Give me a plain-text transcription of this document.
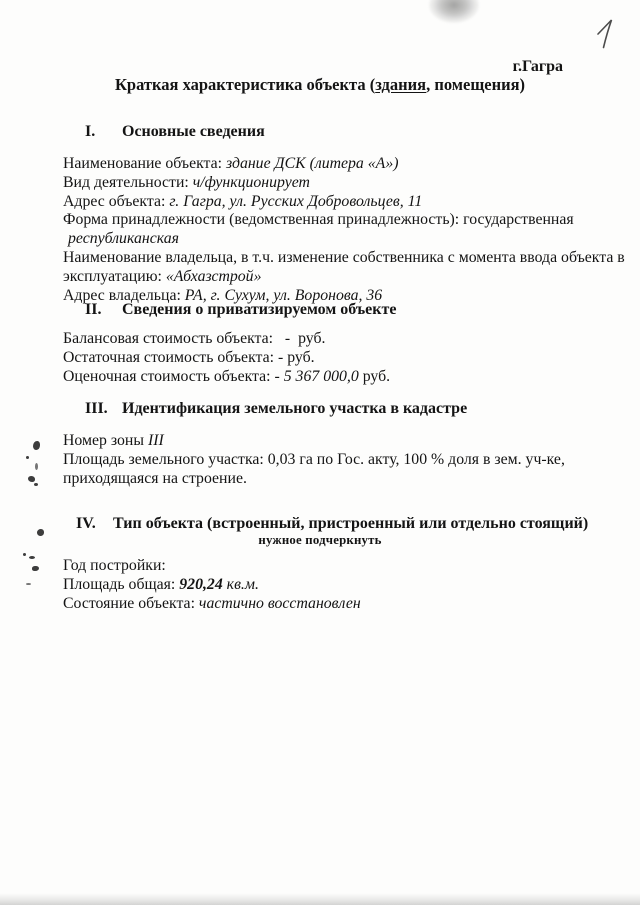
г.Гагра
Краткая характеристика объекта (здания, помещения)
I.	Основные сведения
Наименование объекта: здание ДСК (литера «А»)
Вид деятельности: ч/функционирует
Адрес объекта: г. Гагра, ул. Русских Добровольцев, 11
Форма принадлежности (ведомственная принадлежность): государственная
республиканская
Наименование владельца, в т.ч. изменение собственника с момента ввода объекта в
эксплуатацию: «Абхазстрой»
Адрес владельца: РА, г. Сухум, ул. Воронова, 36
II.	Сведения о приватизируемом объекте
Балансовая стоимость объекта:   -  руб.
Остаточная стоимость объекта: - руб.
Оценочная стоимость объекта: - 5 367 000,0 руб.
III. Идентификация земельного участка в кадастре
Номер зоны III
Площадь земельного участка: 0,03 га по Гос. акту, 100 % доля в зем. уч-ке,
приходящаяся на строение.
IV.	Тип объекта (встроенный, пристроенный или отдельно стоящий)
нужное подчеркнуть
Год постройки:
Площадь общая: 920,24 кв.м.
Состояние объекта: частично восстановлен
